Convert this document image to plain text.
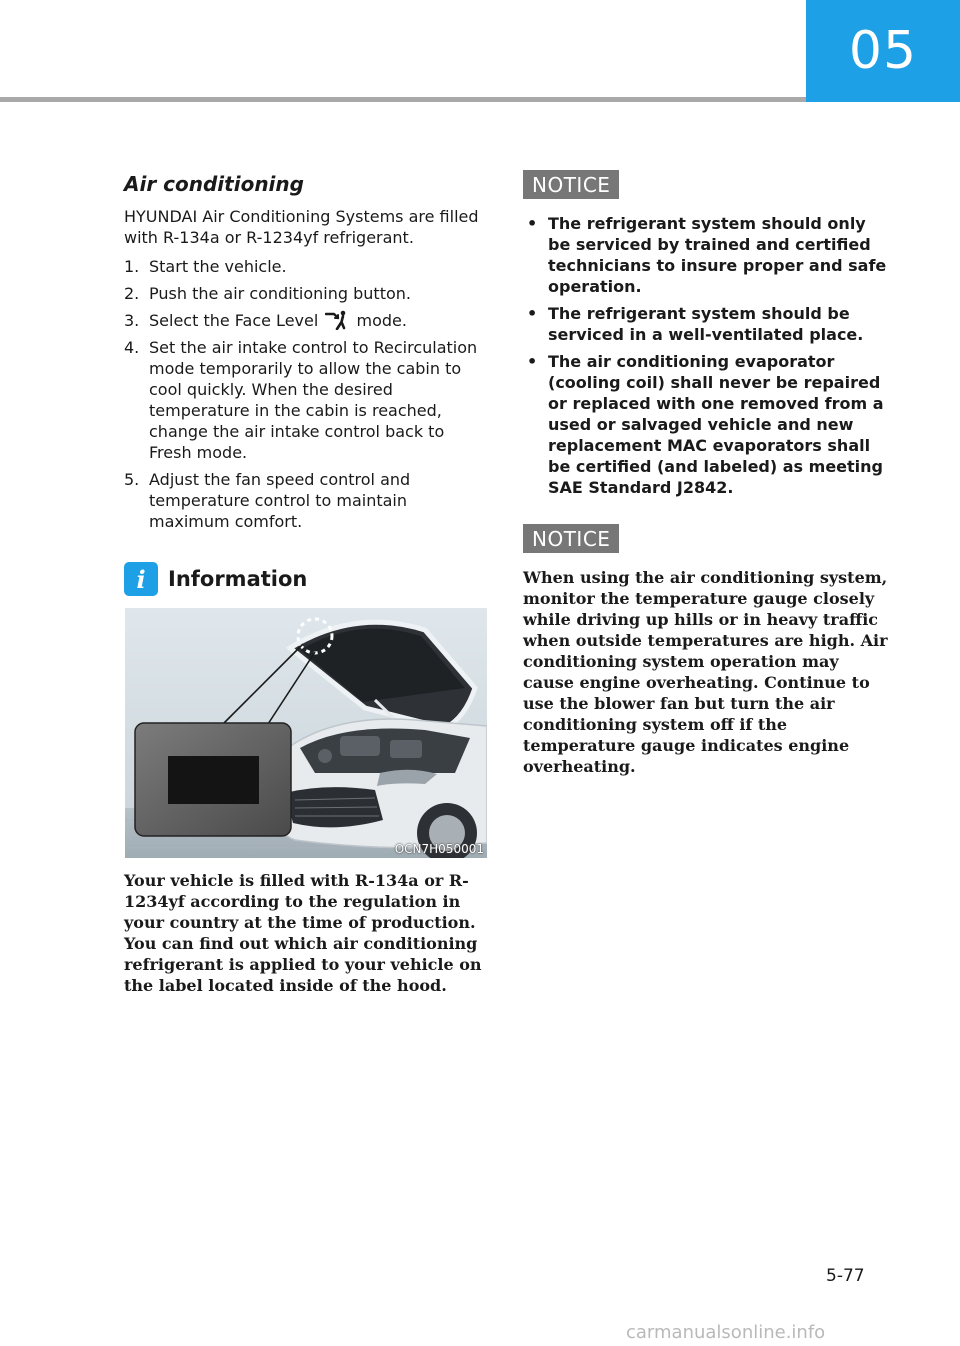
05
Air conditioning

HYUNDAI Air Conditioning Systems are filled with R-134a or R-1234yf refrigerant.

1. Start the vehicle.
2. Push the air conditioning button.
3. Select the Face Level mode.
4. Set the air intake control to Recirculation mode temporarily to allow the cabin to cool quickly. When the desired temperature in the cabin is reached, change the air intake control back to Fresh mode.
5. Adjust the fan speed control and temperature control to maintain maximum comfort.
i	Information
OCN7H050001

Your vehicle is filled with R-134a or R-1234yf according to the regulation in your country at the time of production. You can find out which air conditioning refrigerant is applied to your vehicle on the label located inside of the hood.

NOTICE
• The refrigerant system should only be serviced by trained and certified technicians to insure proper and safe operation.
• The refrigerant system should be serviced in a well-ventilated place.
• The air conditioning evaporator (cooling coil) shall never be repaired or replaced with one removed from a used or salvaged vehicle and new replacement MAC evaporators shall be certified (and labeled) as meeting SAE Standard J2842.
NOTICE

When using the air conditioning system, monitor the temperature gauge closely while driving up hills or in heavy traffic when outside temperatures are high. Air conditioning system operation may cause engine overheating. Continue to use the blower fan but turn the air conditioning system off if the temperature gauge indicates engine overheating.

5-77
carmanualsonline.info
